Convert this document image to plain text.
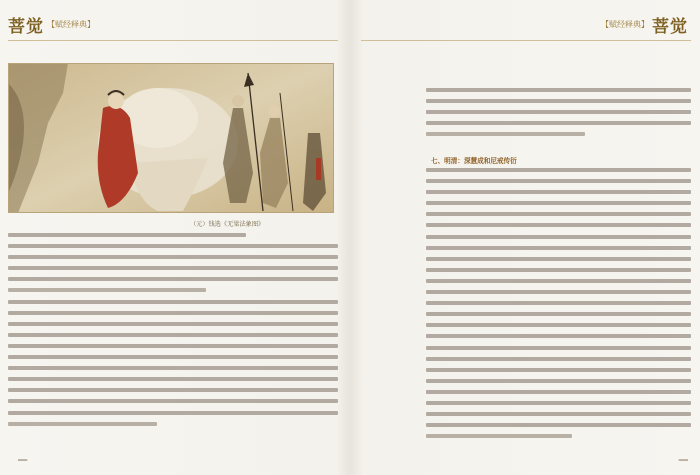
菩觉 【赋经释典】
（元）钱选《无梁法象图》
▁▁
【赋经释典】 菩觉
七、明清：深慧成和尼戒传衍
▁▁
